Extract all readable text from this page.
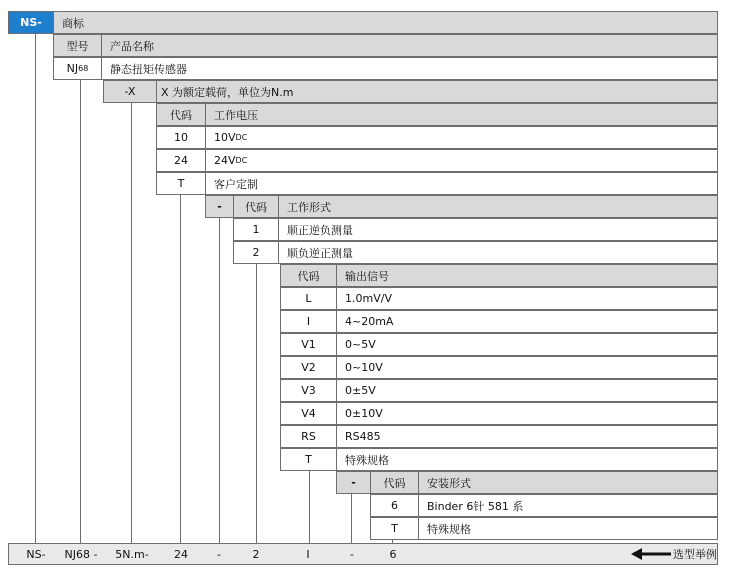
NS-	商标
型号	产品名称
NJ 68	静态扭矩传感器
-X	X 为额定载荷，单位为N.m
代码	工作电压
10	10V DC
24	24V DC
T	客户定制
-	代码	工作形式
1	顺正逆负测量
2	顺负逆正测量
代码	输出信号
L	1.0mV/V
I	4~20mA
V1	0~5V
V2	0~10V
V3	0±5V
V4	0±10V
RS	RS485
T	特殊规格
-	代码	安装形式
6	Binder 6针 581 系
T	特殊规格
NS-	NJ68 -	5N.m-	24	-	2	I	-	6	选型举例
